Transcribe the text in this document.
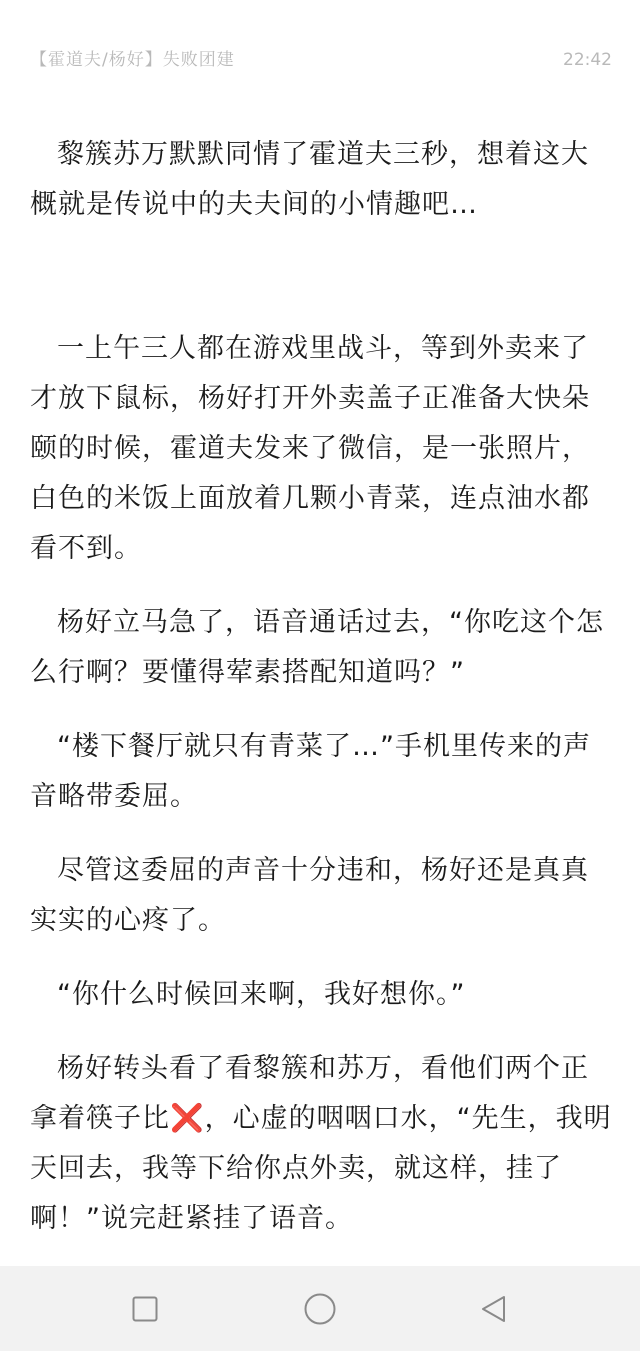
【霍道夫/杨好】失败团建	22:42

黎簇苏万默默同情了霍道夫三秒，想着这大概就是传说中的夫夫间的小情趣吧…

一上午三人都在游戏里战斗，等到外卖来了才放下鼠标，杨好打开外卖盖子正准备大快朵颐的时候，霍道夫发来了微信，是一张照片，白色的米饭上面放着几颗小青菜，连点油水都看不到。

杨好立马急了，语音通话过去，“你吃这个怎么行啊？要懂得荤素搭配知道吗？”

“楼下餐厅就只有青菜了…”手机里传来的声音略带委屈。

尽管这委屈的声音十分违和，杨好还是真真实实的心疼了。

“你什么时候回来啊，我好想你。”

杨好转头看了看黎簇和苏万，看他们两个正拿着筷子比❌，心虚的咽咽口水，“先生，我明天回去，我等下给你点外卖，就这样，挂了啊！”说完赶紧挂了语音。
